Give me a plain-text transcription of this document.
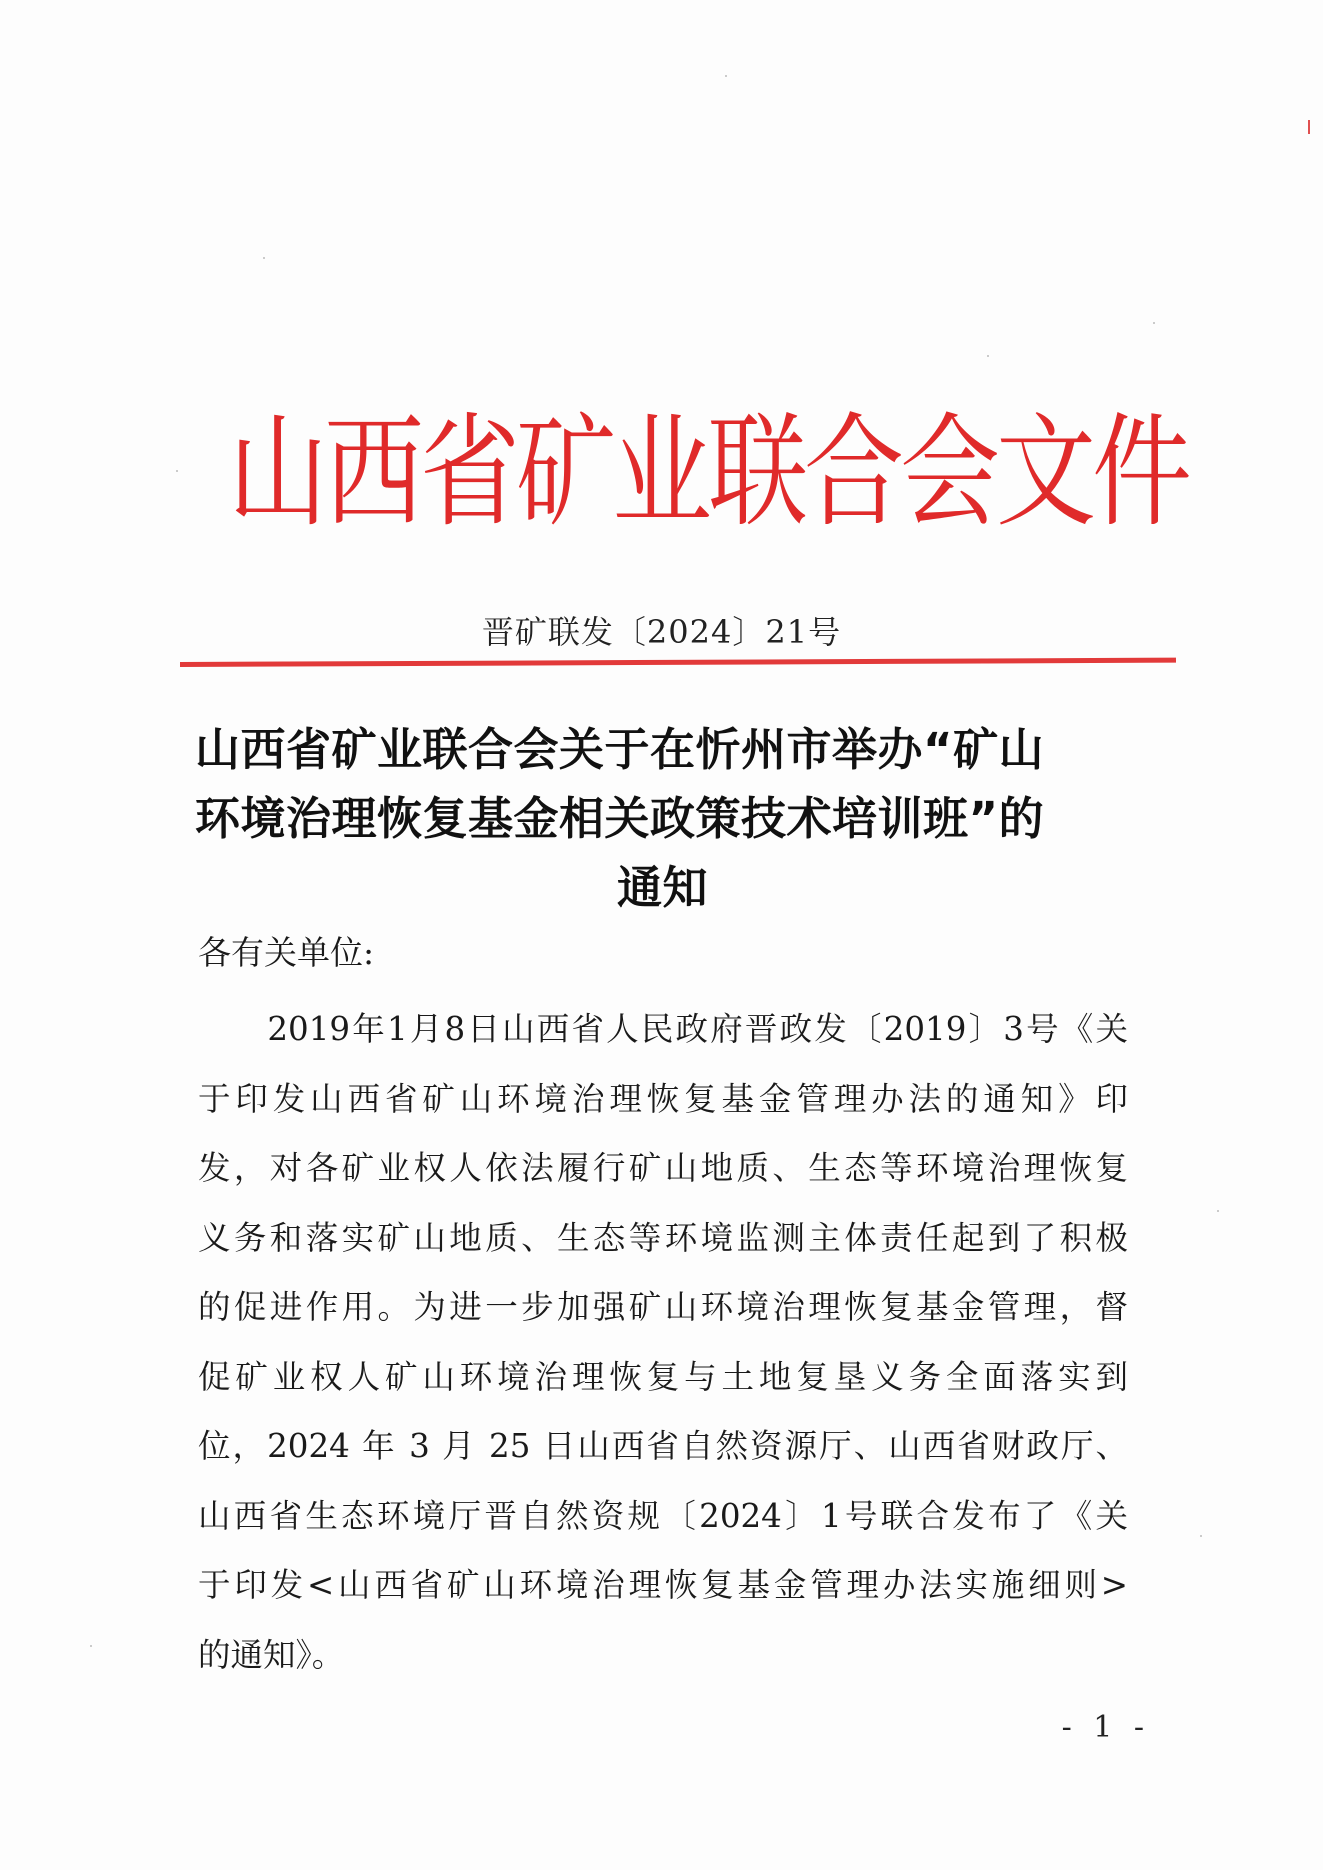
山西省矿业联合会文件
晋矿联发〔2024〕21号
山西省矿业联合会关于在忻州市举办“矿山
环境治理恢复基金相关政策技术培训班”的
通知
各有关单位:
　　2019年1月8日山西省人民政府晋政发〔2019〕3号《关
于印发山西省矿山环境治理恢复基金管理办法的通知》印
发，对各矿业权人依法履行矿山地质、生态等环境治理恢复
义务和落实矿山地质、生态等环境监测主体责任起到了积极
的促进作用。为进一步加强矿山环境治理恢复基金管理，督
促矿业权人矿山环境治理恢复与土地复垦义务全面落实到
位，2024 年 3 月 25 日山西省自然资源厅、山西省财政厅、
山西省生态环境厅晋自然资规〔2024〕1号联合发布了《关
于印发<山西省矿山环境治理恢复基金管理办法实施细则>
的通知》。
- 1 -
